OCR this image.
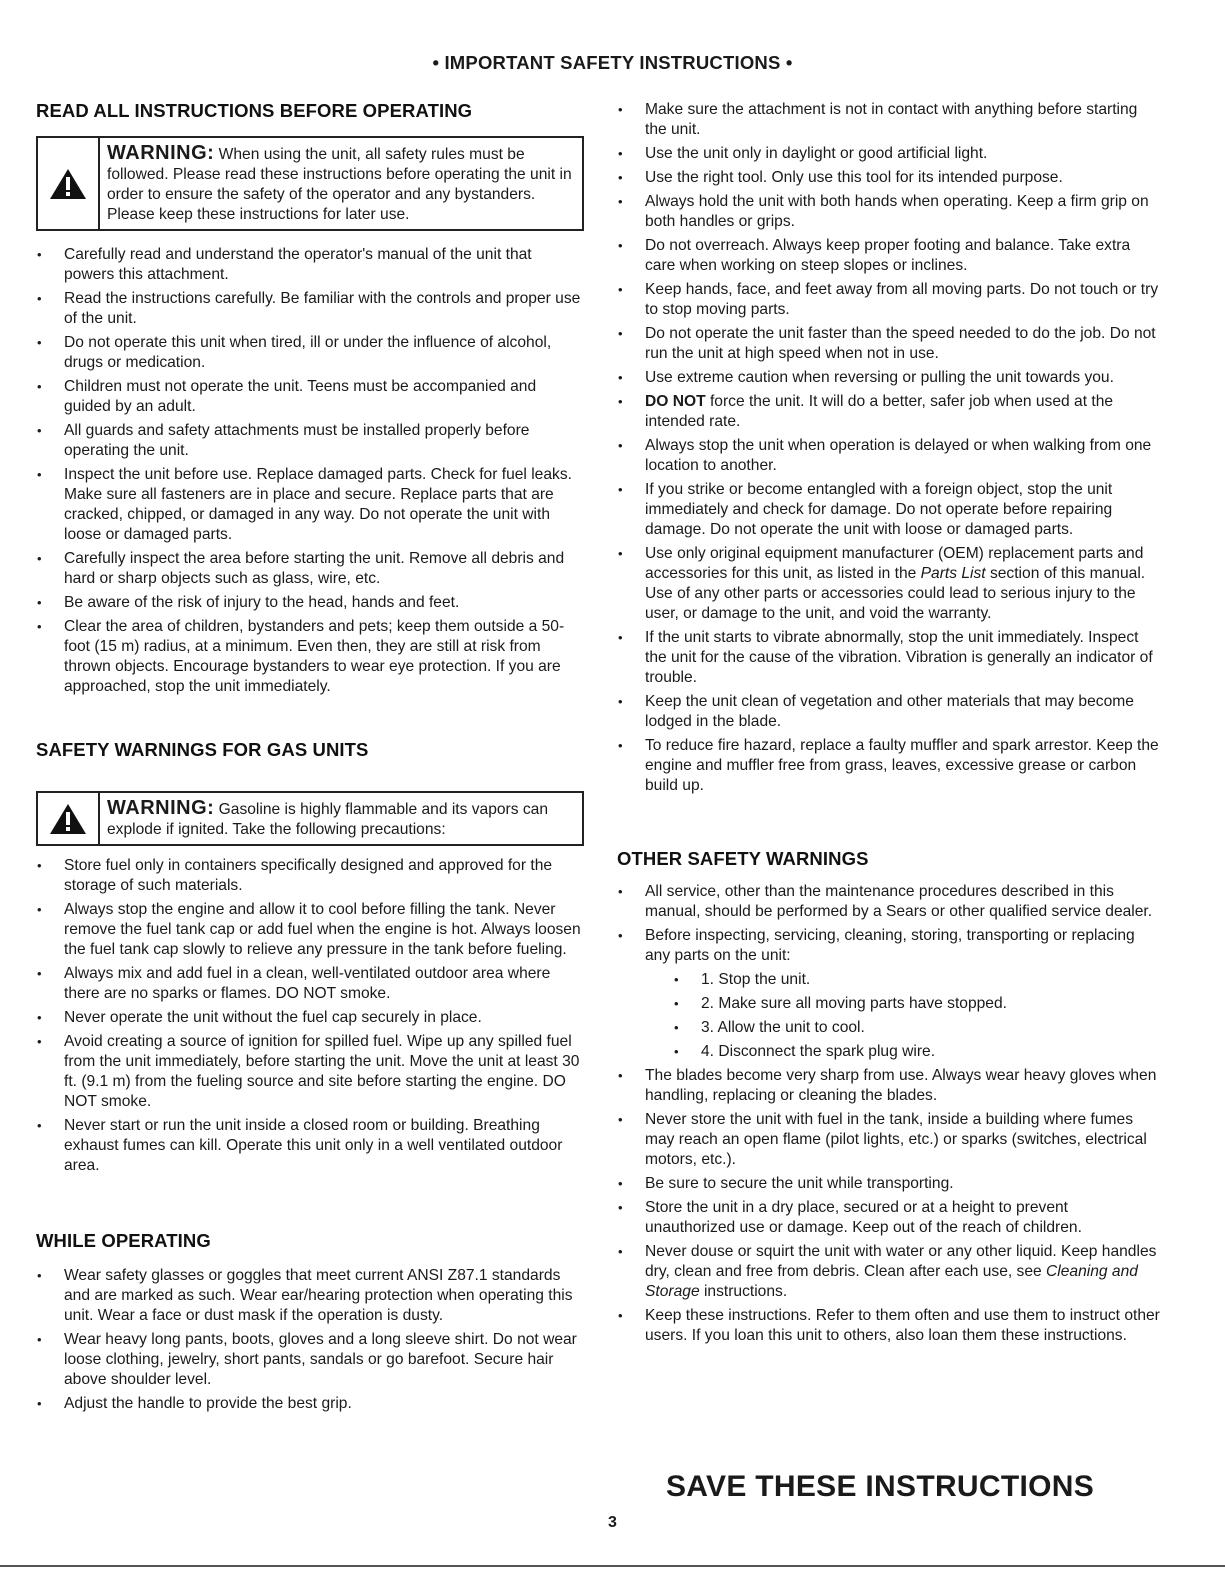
• IMPORTANT SAFETY INSTRUCTIONS •
READ ALL INSTRUCTIONS BEFORE OPERATING
WARNING: When using the unit, all safety rules must be followed. Please read these instructions before operating the unit in order to ensure the safety of the operator and any bystanders. Please keep these instructions for later use.
• Carefully read and understand the operator's manual of the unit that powers this attachment.
• Read the instructions carefully. Be familiar with the controls and proper use of the unit.
• Do not operate this unit when tired, ill or under the influence of alcohol, drugs or medication.
• Children must not operate the unit. Teens must be accompanied and guided by an adult.
• All guards and safety attachments must be installed properly before operating the unit.
• Inspect the unit before use. Replace damaged parts. Check for fuel leaks. Make sure all fasteners are in place and secure. Replace parts that are cracked, chipped, or damaged in any way. Do not operate the unit with loose or damaged parts.
• Carefully inspect the area before starting the unit. Remove all debris and hard or sharp objects such as glass, wire, etc.
• Be aware of the risk of injury to the head, hands and feet.
• Clear the area of children, bystanders and pets; keep them outside a 50-foot (15 m) radius, at a minimum. Even then, they are still at risk from thrown objects. Encourage bystanders to wear eye protection. If you are approached, stop the unit immediately.
SAFETY WARNINGS FOR GAS UNITS
WARNING: Gasoline is highly flammable and its vapors can explode if ignited. Take the following precautions:
• Store fuel only in containers specifically designed and approved for the storage of such materials.
• Always stop the engine and allow it to cool before filling the tank. Never remove the fuel tank cap or add fuel when the engine is hot. Always loosen the fuel tank cap slowly to relieve any pressure in the tank before fueling.
• Always mix and add fuel in a clean, well-ventilated outdoor area where there are no sparks or flames. DO NOT smoke.
• Never operate the unit without the fuel cap securely in place.
• Avoid creating a source of ignition for spilled fuel. Wipe up any spilled fuel from the unit immediately, before starting the unit. Move the unit at least 30 ft. (9.1 m) from the fueling source and site before starting the engine. DO NOT smoke.
• Never start or run the unit inside a closed room or building. Breathing exhaust fumes can kill. Operate this unit only in a well ventilated outdoor area.
WHILE OPERATING
• Wear safety glasses or goggles that meet current ANSI Z87.1 standards and are marked as such. Wear ear/hearing protection when operating this unit. Wear a face or dust mask if the operation is dusty.
• Wear heavy long pants, boots, gloves and a long sleeve shirt. Do not wear loose clothing, jewelry, short pants, sandals or go barefoot. Secure hair above shoulder level.
• Adjust the handle to provide the best grip.
• Make sure the attachment is not in contact with anything before starting the unit.
• Use the unit only in daylight or good artificial light.
• Use the right tool. Only use this tool for its intended purpose.
• Always hold the unit with both hands when operating. Keep a firm grip on both handles or grips.
• Do not overreach. Always keep proper footing and balance. Take extra care when working on steep slopes or inclines.
• Keep hands, face, and feet away from all moving parts. Do not touch or try to stop moving parts.
• Do not operate the unit faster than the speed needed to do the job. Do not run the unit at high speed when not in use.
• Use extreme caution when reversing or pulling the unit towards you.
• DO NOT force the unit. It will do a better, safer job when used at the intended rate.
• Always stop the unit when operation is delayed or when walking from one location to another.
• If you strike or become entangled with a foreign object, stop the unit immediately and check for damage. Do not operate before repairing damage. Do not operate the unit with loose or damaged parts.
• Use only original equipment manufacturer (OEM) replacement parts and accessories for this unit, as listed in the Parts List section of this manual. Use of any other parts or accessories could lead to serious injury to the user, or damage to the unit, and void the warranty.
• If the unit starts to vibrate abnormally, stop the unit immediately. Inspect the unit for the cause of the vibration. Vibration is generally an indicator of trouble.
• Keep the unit clean of vegetation and other materials that may become lodged in the blade.
• To reduce fire hazard, replace a faulty muffler and spark arrestor. Keep the engine and muffler free from grass, leaves, excessive grease or carbon build up.
OTHER SAFETY WARNINGS
• All service, other than the maintenance procedures described in this manual, should be performed by a Sears or other qualified service dealer.
• Before inspecting, servicing, cleaning, storing, transporting or replacing any parts on the unit:
• 1. Stop the unit.
• 2. Make sure all moving parts have stopped.
• 3. Allow the unit to cool.
• 4. Disconnect the spark plug wire.
• The blades become very sharp from use. Always wear heavy gloves when handling, replacing or cleaning the blades.
• Never store the unit with fuel in the tank, inside a building where fumes may reach an open flame (pilot lights, etc.) or sparks (switches, electrical motors, etc.).
• Be sure to secure the unit while transporting.
• Store the unit in a dry place, secured or at a height to prevent unauthorized use or damage. Keep out of the reach of children.
• Never douse or squirt the unit with water or any other liquid. Keep handles dry, clean and free from debris. Clean after each use, see Cleaning and Storage instructions.
• Keep these instructions. Refer to them often and use them to instruct other users. If you loan this unit to others, also loan them these instructions.
SAVE THESE INSTRUCTIONS
3
